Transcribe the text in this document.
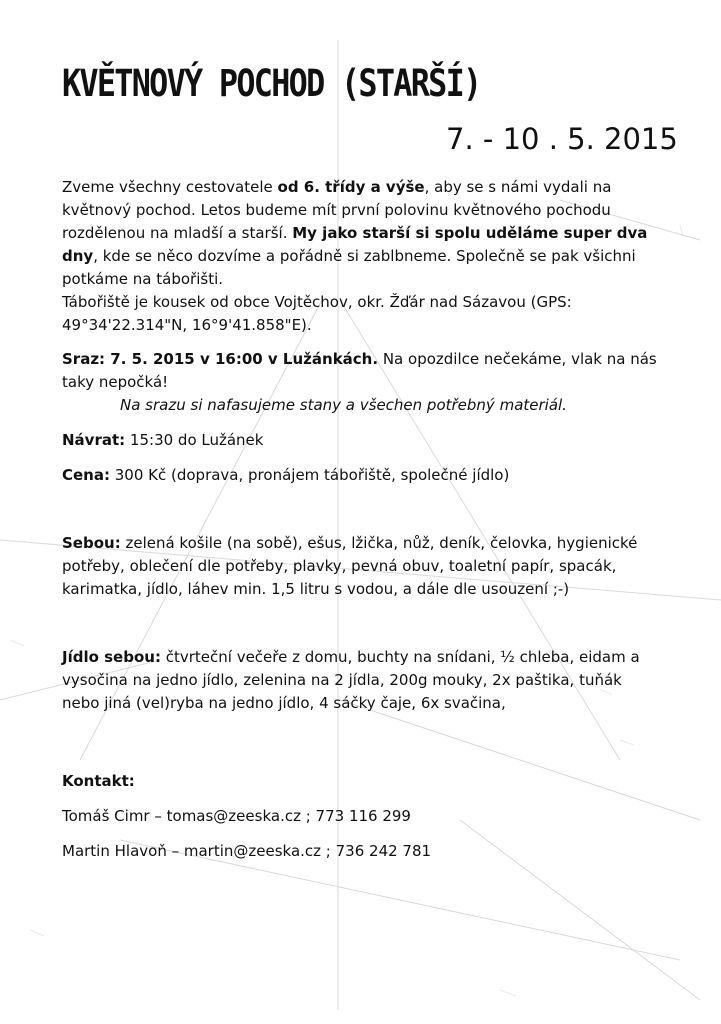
KVĚTNOVÝ POCHOD (STARŠÍ)
7. - 10 . 5. 2015

Zveme všechny cestovatele od 6. třídy a výše, aby se s námi vydali na květnový pochod. Letos budeme mít první polovinu květnového pochodu rozdělenou na mladší a starší. My jako starší si spolu uděláme super dva dny, kde se něco dozvíme a pořádně si zablbneme. Společně se pak všichni potkáme na tábořišti.

Tábořiště je kousek od obce Vojtěchov, okr. Žďár nad Sázavou (GPS: 49°34'22.314"N, 16°9'41.858"E).

Sraz: 7. 5. 2015 v 16:00 v Lužánkách. Na opozdilce nečekáme, vlak na nás taky nepočká!

Na srazu si nafasujeme stany a všechen potřebný materiál.

Návrat: 15:30 do Lužánek

Cena: 300 Kč (doprava, pronájem tábořiště, společné jídlo)

Sebou: zelená košile (na sobě), ešus, lžička, nůž, deník, čelovka, hygienické potřeby, oblečení dle potřeby, plavky, pevná obuv, toaletní papír, spacák, karimatka, jídlo, láhev min. 1,5 litru s vodou, a dále dle usouzení ;-)

Jídlo sebou: čtvrteční večeře z domu, buchty na snídani, ½ chleba, eidam a vysočina na jedno jídlo, zelenina na 2 jídla, 200g mouky, 2x paštika, tuňák nebo jiná (vel)ryba na jedno jídlo, 4 sáčky čaje, 6x svačina,

Kontakt:

Tomáš Cimr – tomas@zeeska.cz ; 773 116 299

Martin Hlavoň – martin@zeeska.cz ; 736 242 781
